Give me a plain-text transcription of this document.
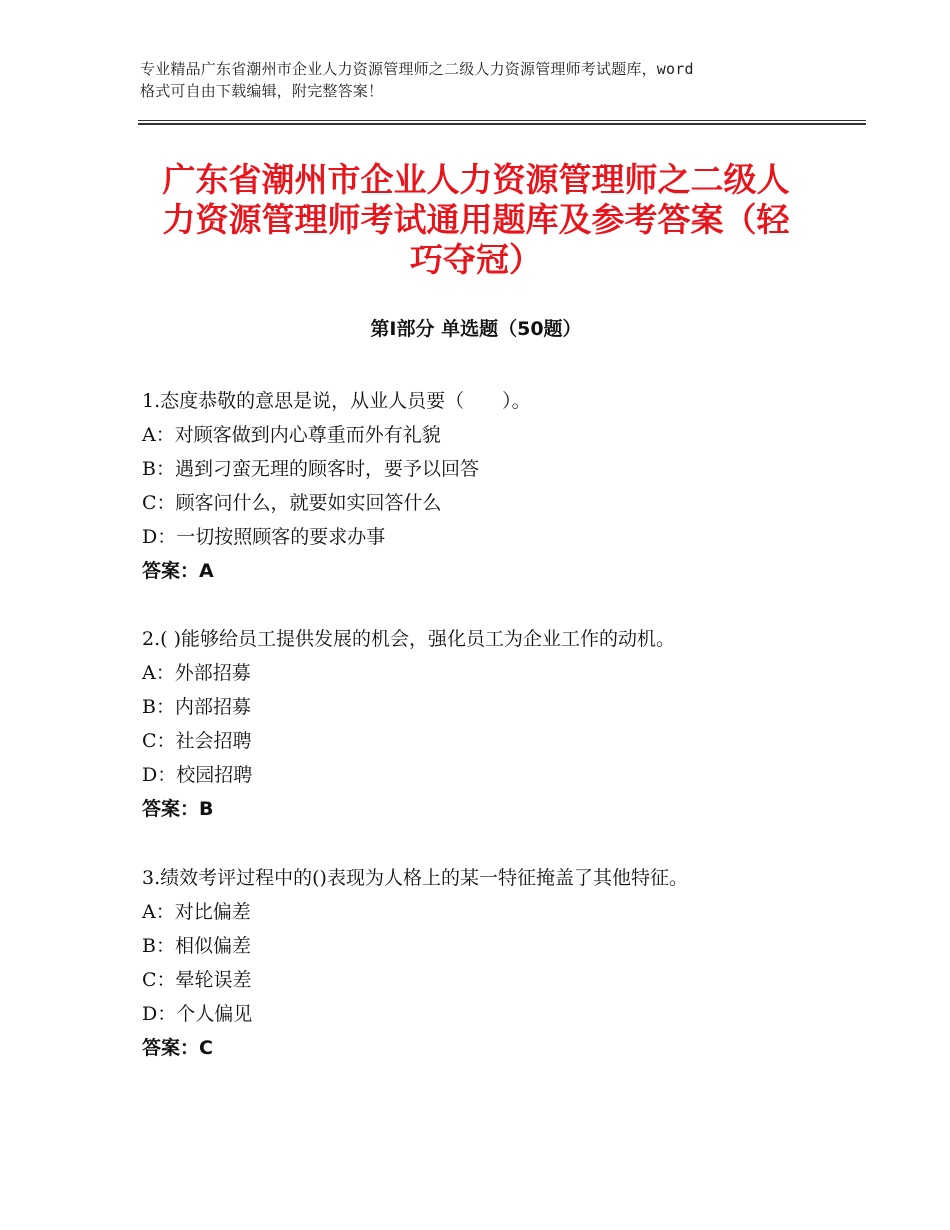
专业精品广东省潮州市企业人力资源管理师之二级人力资源管理师考试题库，word
格式可自由下载编辑，附完整答案！
广东省潮州市企业人力资源管理师之二级人
力资源管理师考试通用题库及参考答案（轻
巧夺冠）
第Ⅰ部分 单选题（50题）
1.态度恭敬的意思是说，从业人员要（　　）。
A：对顾客做到内心尊重而外有礼貌
B：遇到刁蛮无理的顾客时，要予以回答
C：顾客问什么，就要如实回答什么
D：一切按照顾客的要求办事
答案：A
2.( )能够给员工提供发展的机会，强化员工为企业工作的动机。
A：外部招募
B：内部招募
C：社会招聘
D：校园招聘
答案：B
3.绩效考评过程中的()表现为人格上的某一特征掩盖了其他特征。
A：对比偏差
B：相似偏差
C：晕轮误差
D：个人偏见
答案：C
